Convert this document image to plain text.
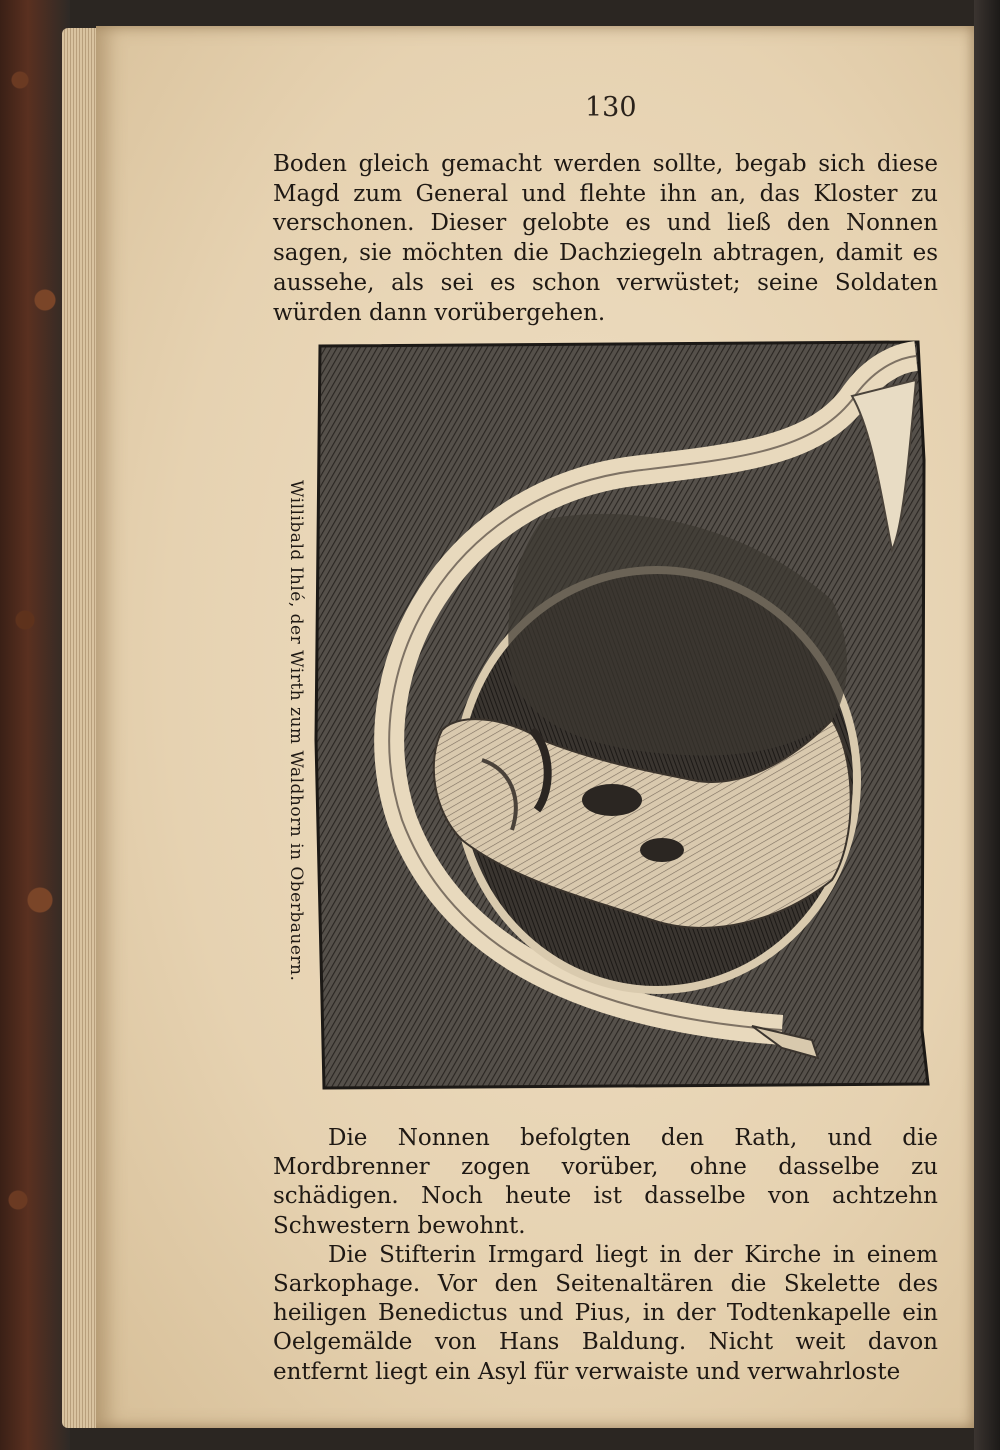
130

Boden gleich gemacht werden sollte, begab sich diese Magd zum General und flehte ihn an, das Kloster zu verschonen. Dieser gelobte es und ließ den Nonnen sagen, sie möchten die Dachziegeln abtragen, damit es aussehe, als sei es schon verwüstet; seine Soldaten würden dann vorübergehen.

Willibald Ihlé, der Wirth zum Waldhorn in Oberbauern.

Die Nonnen befolgten den Rath, und die Mordbrenner zogen vorüber, ohne dasselbe zu schädigen. Noch heute ist dasselbe von achtzehn Schwestern bewohnt.

Die Stifterin Irmgard liegt in der Kirche in einem Sarkophage. Vor den Seitenaltären die Skelette des heiligen Benedictus und Pius, in der Todtenkapelle ein Oelgemälde von Hans Baldung. Nicht weit davon entfernt liegt ein Asyl für verwaiste und verwahrloste
